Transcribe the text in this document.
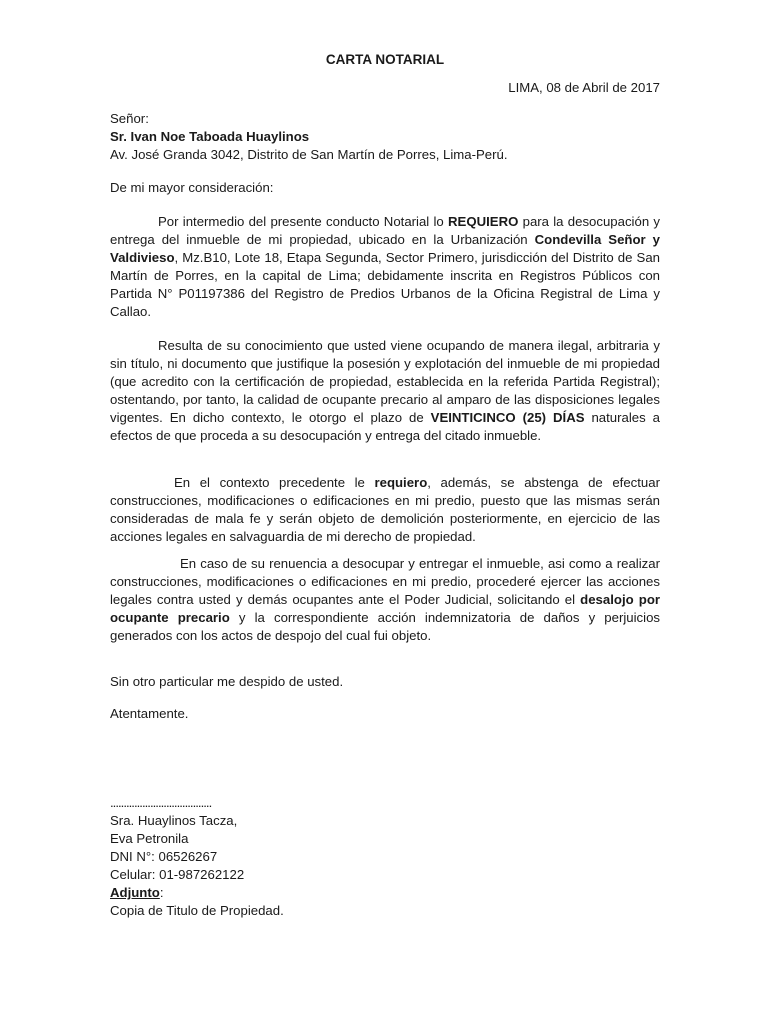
CARTA NOTARIAL
LIMA, 08 de Abril de 2017
Señor:
Sr. Ivan Noe Taboada Huaylinos
Av. José Granda 3042, Distrito de San Martín de Porres, Lima-Perú.
De mi mayor consideración:

Por intermedio del presente conducto Notarial lo REQUIERO para la desocupación y entrega del inmueble de mi propiedad, ubicado en la Urbanización Condevilla Señor y Valdivieso, Mz.B10, Lote 18, Etapa Segunda, Sector Primero, jurisdicción del Distrito de San Martín de Porres, en la capital de Lima; debidamente inscrita en Registros Públicos con Partida N° P01197386 del Registro de Predios Urbanos de la Oficina Registral de Lima y Callao.

Resulta de su conocimiento que usted viene ocupando de manera ilegal, arbitraria y sin título, ni documento que justifique la posesión y explotación del inmueble de mi propiedad (que acredito con la certificación de propiedad, establecida en la referida Partida Registral); ostentando, por tanto, la calidad de ocupante precario al amparo de las disposiciones legales vigentes. En dicho contexto, le otorgo el plazo de VEINTICINCO (25) DÍAS naturales a efectos de que proceda a su desocupación y entrega del citado inmueble.

En el contexto precedente le requiero, además, se abstenga de efectuar construcciones, modificaciones o edificaciones en mi predio, puesto que las mismas serán consideradas de mala fe y serán objeto de demolición posteriormente, en ejercicio de las acciones legales en salvaguardia de mi derecho de propiedad.

En caso de su renuencia a desocupar y entregar el inmueble, asi como a realizar construcciones, modificaciones o edificaciones en mi predio, procederé ejercer las acciones legales contra usted y demás ocupantes ante el Poder Judicial, solicitando el desalojo por ocupante precario y la correspondiente acción indemnizatoria de daños y perjuicios generados con los actos de despojo del cual fui objeto.

Sin otro particular me despido de usted.
Atentamente.
......................................
Sra. Huaylinos Tacza,
Eva Petronila
DNI N°: 06526267
Celular: 01-987262122
Adjunto:
Copia de Titulo de Propiedad.
